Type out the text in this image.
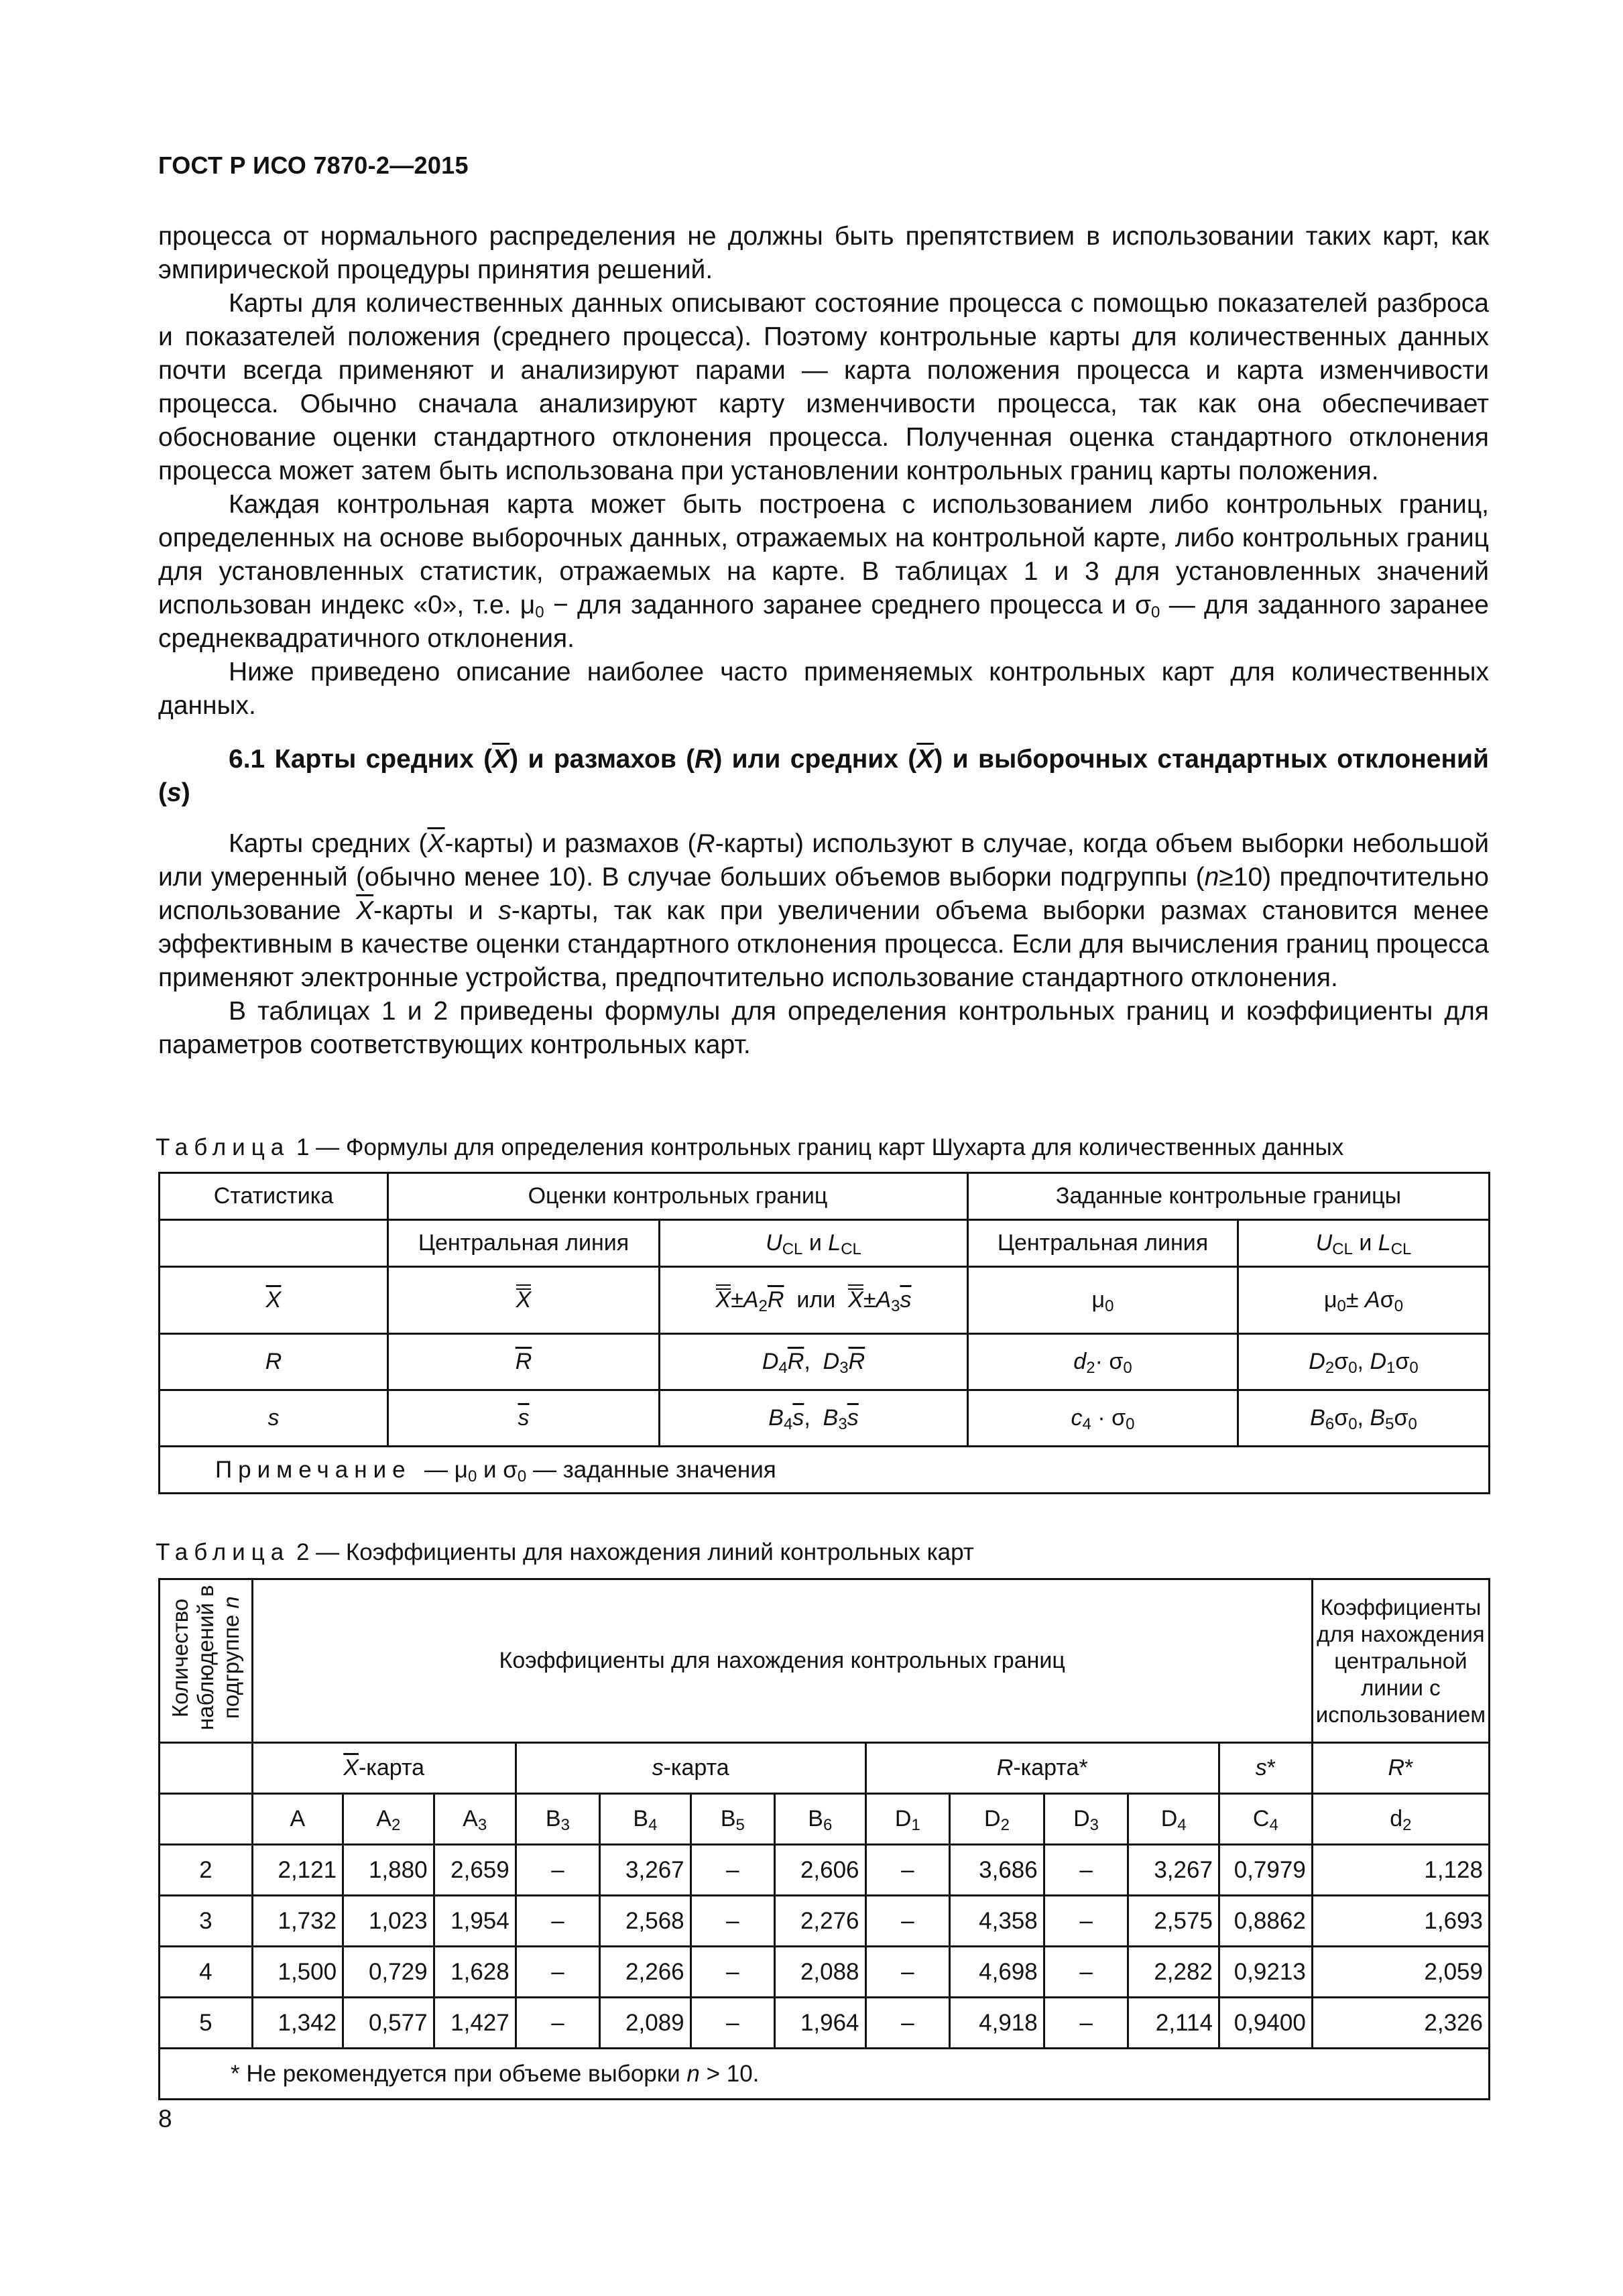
ГОСТ Р ИСО 7870-2—2015

процесса от нормального распределения не должны быть препятствием в использовании таких карт, как эмпирической процедуры принятия решений.

Карты для количественных данных описывают состояние процесса с помощью показателей разброса и показателей положения (среднего процесса). Поэтому контрольные карты для количественных данных почти всегда применяют и анализируют парами — карта положения процесса и карта изменчивости процесса. Обычно сначала анализируют карту изменчивости процесса, так как она обеспечивает обоснование оценки стандартного отклонения процесса. Полученная оценка стандартного отклонения процесса может затем быть использована при установлении контрольных границ карты положения.

Каждая контрольная карта может быть построена с использованием либо контрольных границ, определенных на основе выборочных данных, отражаемых на контрольной карте, либо контрольных границ для установленных статистик, отражаемых на карте. В таблицах 1 и 3 для установленных значений использован индекс «0», т.е. $\mu_0$ − для заданного заранее среднего процесса и $\sigma_0$ — для заданного заранее среднеквадратичного отклонения.

Ниже приведено описание наиболее часто применяемых контрольных карт для количественных данных.

6.1 Карты средних $(\overline{X})$ и размахов (R) или средних $(\overline{X})$ и выборочных стандартных отклонений (s)

Карты средних $(\overline{X}-карты)$ и размахов (R-карты) используют в случае, когда объем выборки небольшой или умеренный (обычно менее 10). В случае больших объемов выборки подгруппы (n≥10) предпочтительно использование $\overline{X}$-карты и s-карты, так как при увеличении объема выборки размах становится менее эффективным в качестве оценки стандартного отклонения процесса. Если для вычисления границ процесса применяют электронные устройства, предпочтительно использование стандартного отклонения.

В таблицах 1 и 2 приведены формулы для определения контрольных границ и коэффициенты для параметров соответствующих контрольных карт.

Таблица 1 — Формулы для определения контрольных границ карт Шухарта для количественных данных
Статистика	Оценки контрольных границ		Заданные контрольные границы	
	Центральная линия	$U_{CL}$ и $L_{CL}$	Центральная линия	$U_{CL}$ и $L_{CL}$
$\overline{X}$	X	$X\pm A_2\overline{R}$  или  $X\pm A_3\overline{s}$	$\mu_0$	$\mu_0\pm A\sigma_0$
R	$\overline{R}$	$D_4\overline{R}$,  $D_3\overline{R}$	$d_2\cdot \sigma_0$	$D_2\sigma_0$, $D_1\sigma_0$
s	$\overline{s}$	$B_4\overline{s}$,  $B_3\overline{s}$	$c_4 \cdot \sigma_0$	$B_6\sigma_0$, $B_5\sigma_0$
Примечание  — $\mu_0$ и $\sigma_0$ — заданные значения				
Таблица 2 — Коэффициенты для нахождения линий контрольных карт
Количество наблюдений в подгруппе n	Коэффициенты для нахождения контрольных границ												Коэффициенты для нахождения центральной линии с использованием
	$\overline{X}$-карта			s-карта				R-карта*				s*	R*
	A	$A_2$	$A_3$	$B_3$	$B_4$	$B_5$	$B_6$	$D_1$	$D_2$	$D_3$	$D_4$	$C_4$	$d_2$
2	2,121	1,880	2,659	–	3,267	–	2,606	–	3,686	–	3,267	0,7979	1,128
3	1,732	1,023	1,954	–	2,568	–	2,276	–	4,358	–	2,575	0,8862	1,693
4	1,500	0,729	1,628	–	2,266	–	2,088	–	4,698	–	2,282	0,9213	2,059
5	1,342	0,577	1,427	–	2,089	–	1,964	–	4,918	–	2,114	0,9400	2,326
* Не рекомендуется при объеме выборки n > 10.													
8
